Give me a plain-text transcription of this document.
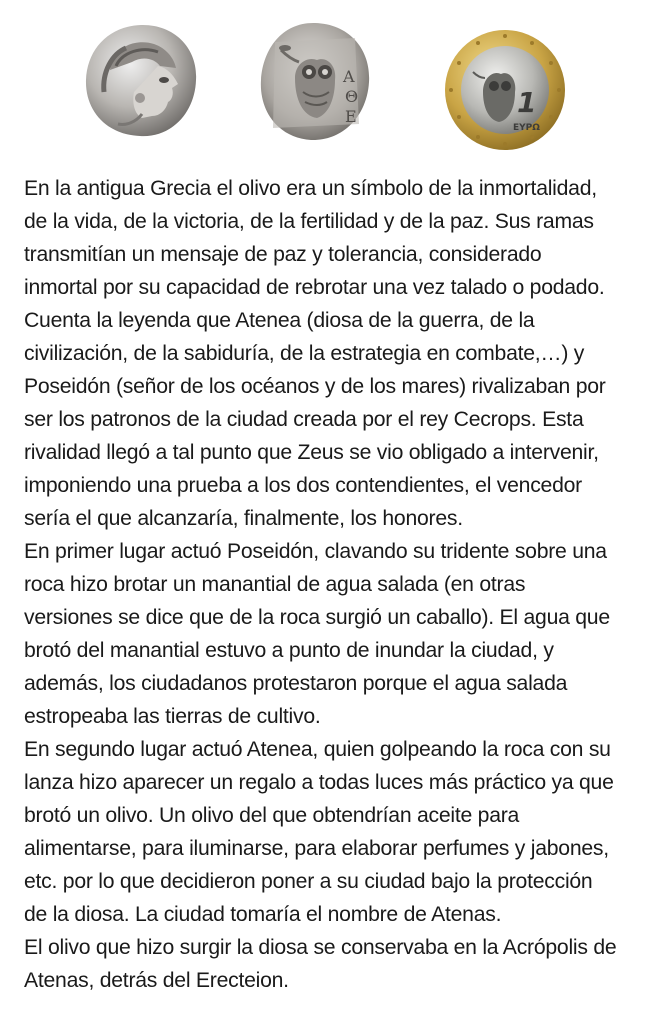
A
Θ
E	1
ΕΥΡΩ

En la antigua Grecia el olivo era un símbolo de la inmortalidad,
de la vida, de la victoria, de la fertilidad y de la paz. Sus ramas
transmitían un mensaje de paz y tolerancia, considerado
inmortal por su capacidad de rebrotar una vez talado o podado.
Cuenta la leyenda que Atenea (diosa de la guerra, de la
civilización, de la sabiduría, de la estrategia en combate,…) y
Poseidón (señor de los océanos y de los mares) rivalizaban por
ser los patronos de la ciudad creada por el rey Cecrops. Esta
rivalidad llegó a tal punto que Zeus se vio obligado a intervenir,
imponiendo una prueba a los dos contendientes, el vencedor
sería el que alcanzaría, finalmente, los honores.

En primer lugar actuó Poseidón, clavando su tridente sobre una
roca hizo brotar un manantial de agua salada (en otras
versiones se dice que de la roca surgió un caballo). El agua que
brotó del manantial estuvo a punto de inundar la ciudad, y
además, los ciudadanos protestaron porque el agua salada
estropeaba las tierras de cultivo.

En segundo lugar actuó Atenea, quien golpeando la roca con su
lanza hizo aparecer un regalo a todas luces más práctico ya que
brotó un olivo. Un olivo del que obtendrían aceite para
alimentarse, para iluminarse, para elaborar perfumes y jabones,
etc. por lo que decidieron poner a su ciudad bajo la protección
de la diosa. La ciudad tomaría el nombre de Atenas.

El olivo que hizo surgir la diosa se conservaba en la Acrópolis de
Atenas, detrás del Erecteion.
